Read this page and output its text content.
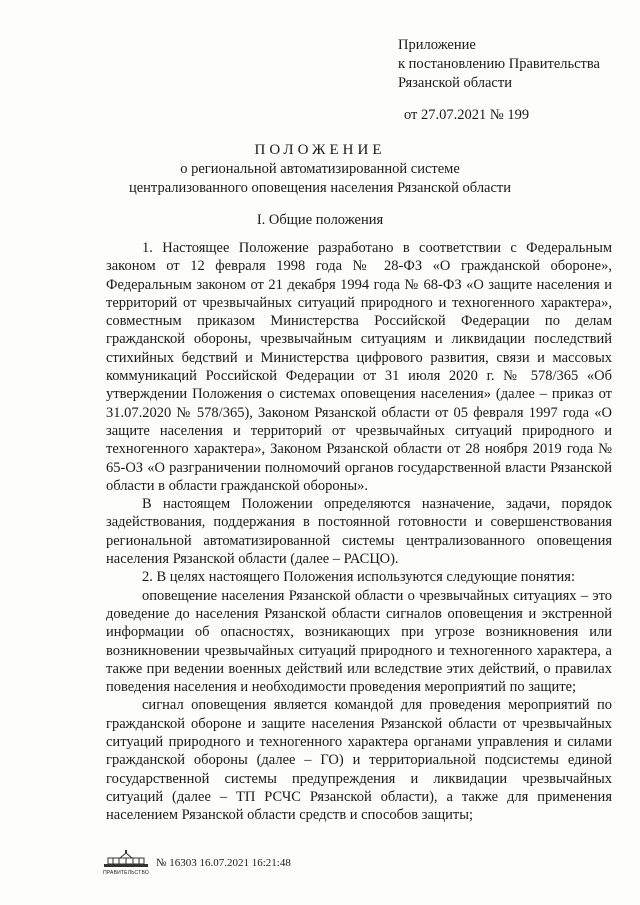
Приложение
к постановлению Правительства
Рязанской области
от 27.07.2021 № 199
ПОЛОЖЕНИЕ
о региональной автоматизированной системе
централизованного оповещения населения Рязанской области
I. Общие положения

1. Настоящее Положение разработано в соответствии с Федеральным законом от 12 февраля 1998 года № 28-ФЗ «О гражданской обороне», Федеральным законом от 21 декабря 1994 года № 68-ФЗ «О защите населения и территорий от чрезвычайных ситуаций природного и техногенного характера», совместным приказом Министерства Российской Федерации по делам гражданской обороны, чрезвычайным ситуациям и ликвидации последствий стихийных бедствий и Министерства цифрового развития, связи и массовых коммуникаций Российской Федерации от 31 июля 2020 г. № 578/365 «Об утверждении Положения о системах оповещения населения» (далее – приказ от 31.07.2020 № 578/365), Законом Рязанской области от 05 февраля 1997 года «О защите населения и территорий от чрезвычайных ситуаций природного и техногенного характера», Законом Рязанской области от 28 ноября 2019 года № 65-ОЗ «О разграничении полномочий органов государственной власти Рязанской области в области гражданской обороны».

В настоящем Положении определяются назначение, задачи, порядок задействования, поддержания в постоянной готовности и совершенствования региональной автоматизированной системы централизованного оповещения населения Рязанской области (далее – РАСЦО).

2. В целях настоящего Положения используются следующие понятия:

оповещение населения Рязанской области о чрезвычайных ситуациях – это доведение до населения Рязанской области сигналов оповещения и экстренной информации об опасностях, возникающих при угрозе возникновения или возникновении чрезвычайных ситуаций природного и техногенного характера, а также при ведении военных действий или вследствие этих действий, о правилах поведения населения и необходимости проведения мероприятий по защите;

сигнал оповещения является командой для проведения мероприятий по гражданской обороне и защите населения Рязанской области от чрезвычайных ситуаций природного и техногенного характера органами управления и силами гражданской обороны (далее – ГО) и территориальной подсистемы единой государственной системы предупреждения и ликвидации чрезвычайных ситуаций (далее – ТП РСЧС Рязанской области), а также для применения населением Рязанской области средств и способов защиты;

ПРАВИТЕЛЬСТВО
№ 16303 16.07.2021 16:21:48
